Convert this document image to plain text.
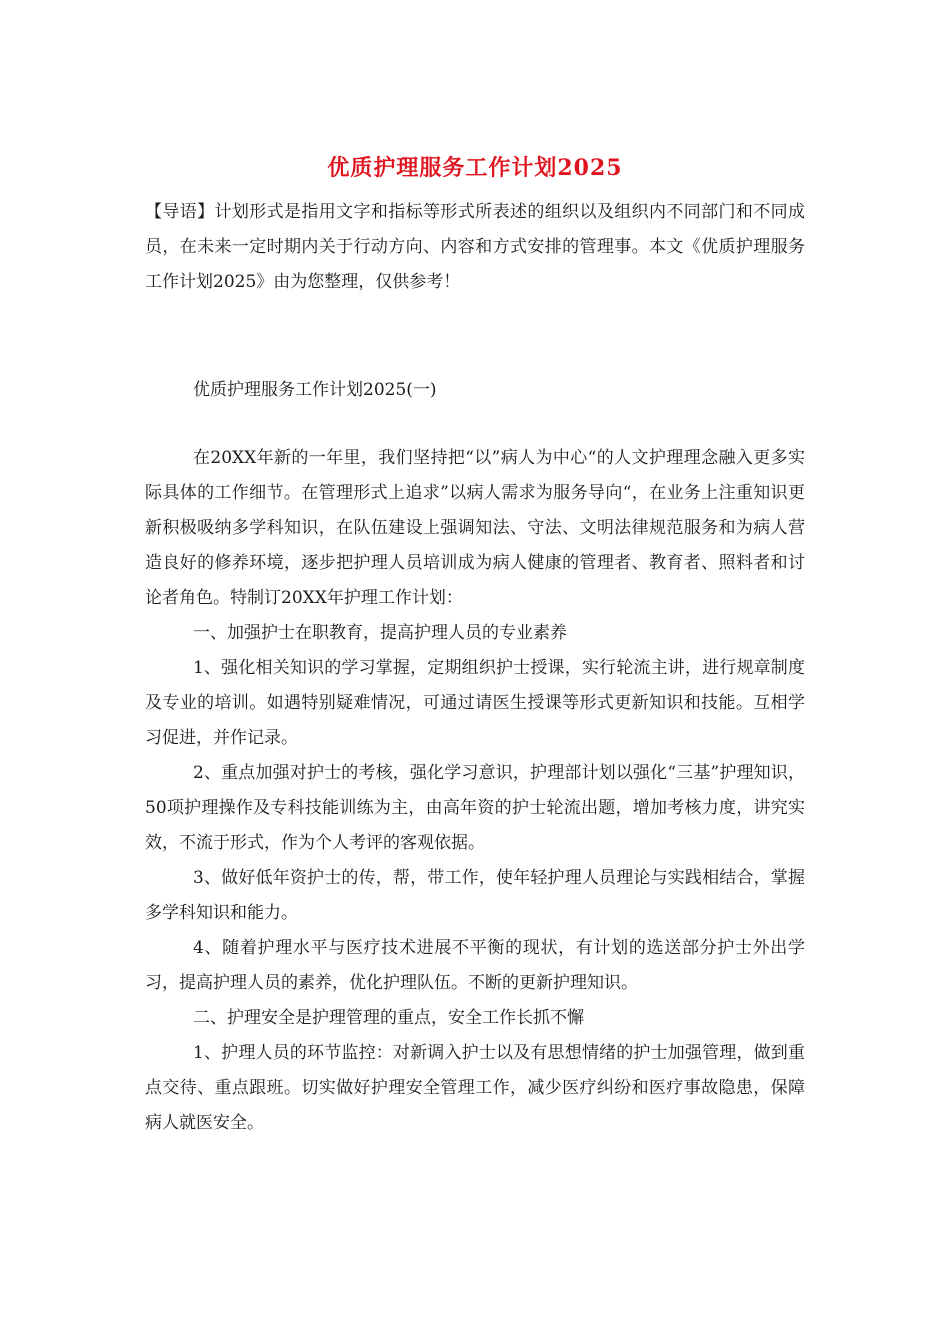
优质护理服务工作计划2025
【导语】计划形式是指用文字和指标等形式所表述的组织以及组织内不同部门和不同成员，在未来一定时期内关于行动方向、内容和方式安排的管理事。本文《优质护理服务工作计划2025》由为您整理，仅供参考！
优质护理服务工作计划2025(一)

在20XX年新的一年里，我们坚持把“以”病人为中心“的人文护理理念融入更多实际具体的工作细节。在管理形式上追求”以病人需求为服务导向“，在业务上注重知识更新积极吸纳多学科知识，在队伍建设上强调知法、守法、文明法律规范服务和为病人营造良好的修养环境，逐步把护理人员培训成为病人健康的管理者、教育者、照料者和讨论者角色。特制订20XX年护理工作计划：

一、加强护士在职教育，提高护理人员的专业素养

1、强化相关知识的学习掌握，定期组织护士授课，实行轮流主讲，进行规章制度及专业的培训。如遇特别疑难情况，可通过请医生授课等形式更新知识和技能。互相学习促进，并作记录。

2、重点加强对护士的考核，强化学习意识，护理部计划以强化“三基”护理知识，50项护理操作及专科技能训练为主，由高年资的护士轮流出题，增加考核力度，讲究实效，不流于形式，作为个人考评的客观依据。

3、做好低年资护士的传，帮，带工作，使年轻护理人员理论与实践相结合，掌握多学科知识和能力。

4、随着护理水平与医疗技术进展不平衡的现状，有计划的选送部分护士外出学习，提高护理人员的素养，优化护理队伍。不断的更新护理知识。

二、护理安全是护理管理的重点，安全工作长抓不懈

1、护理人员的环节监控：对新调入护士以及有思想情绪的护士加强管理，做到重点交待、重点跟班。切实做好护理安全管理工作，减少医疗纠纷和医疗事故隐患，保障病人就医安全。
